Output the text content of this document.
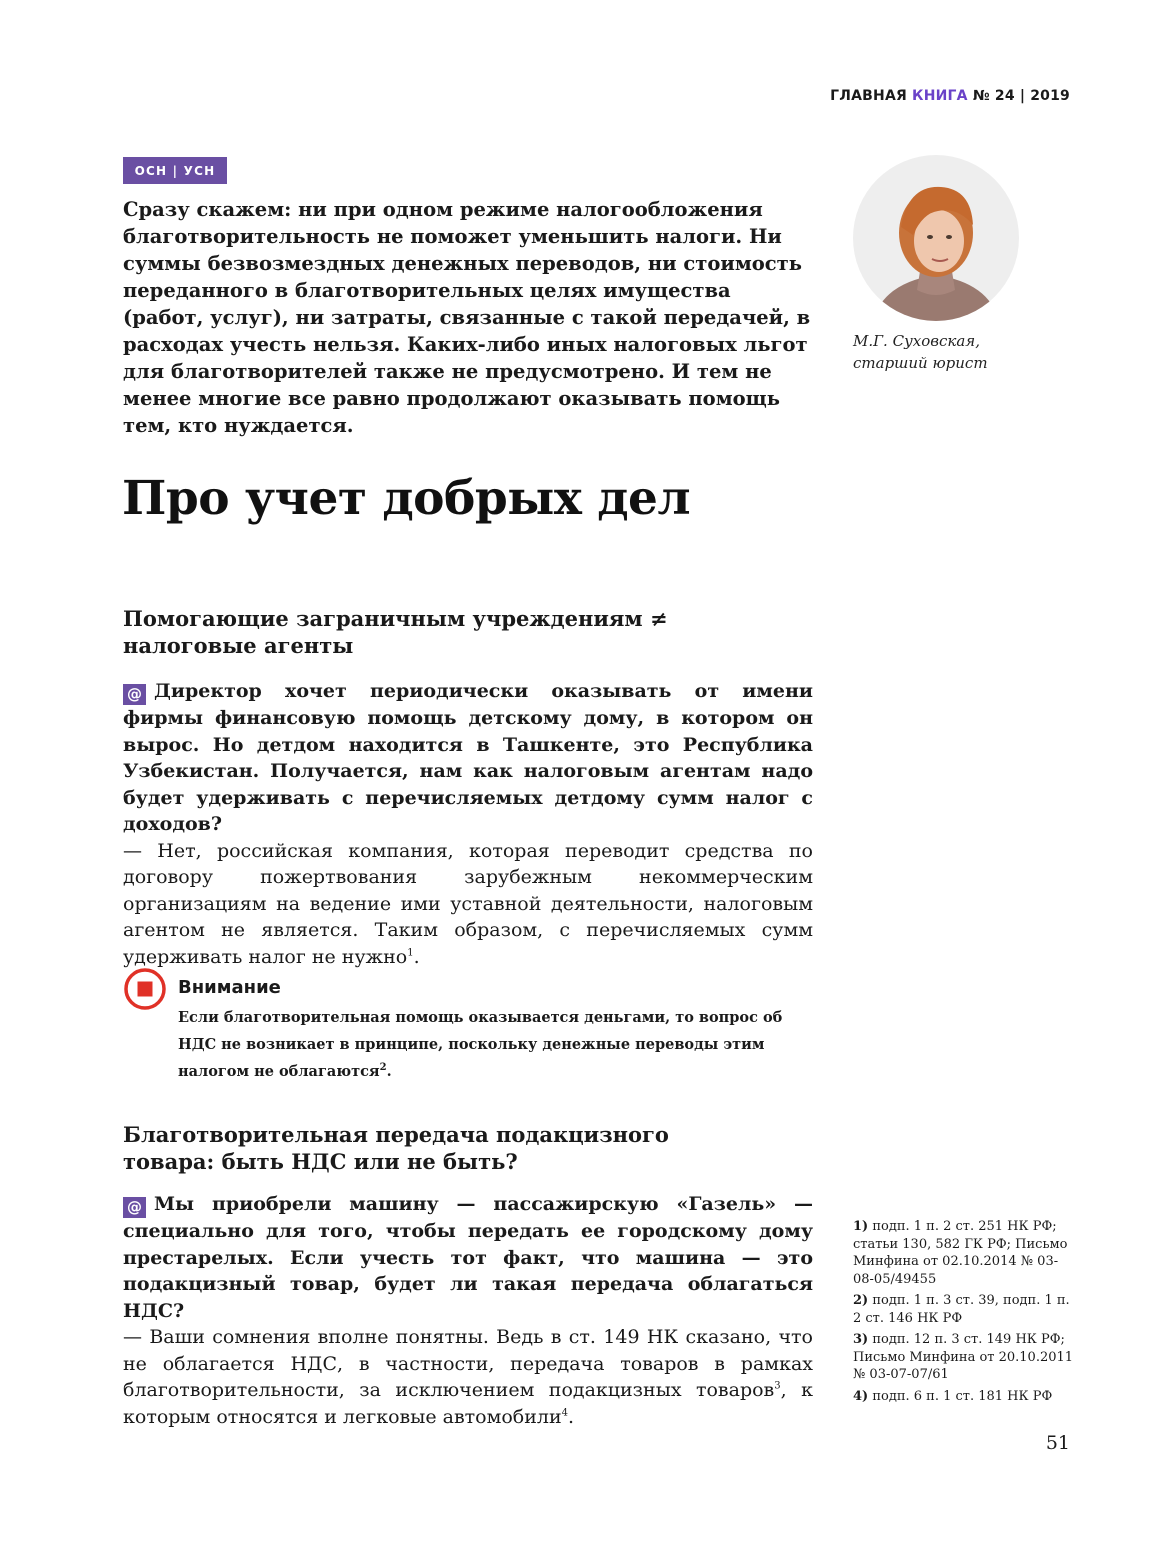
ГЛАВНАЯ КНИГА № 24 | 2019
ОСН | УСН

Сразу скажем: ни при одном режиме налогообложения благотворительность не поможет уменьшить налоги. Ни суммы безвозмездных денежных переводов, ни стоимость переданного в благотворительных целях имущества (работ, услуг), ни затраты, связанные с такой передачей, в расходах учесть нельзя. Каких-либо иных налоговых льгот для благотворителей также не предусмотрено. И тем не менее многие все равно продолжают оказывать помощь тем, кто нуждается.

М.Г. Суховская,
старший юрист
Про учет добрых дел
Помогающие заграничным учреждениям ≠ налоговые агенты

@ Директор хочет периодически оказывать от имени фирмы финансовую помощь детскому дому, в котором он вырос. Но детдом находится в Ташкенте, это Республика Узбекистан. Получается, нам как налоговым агентам надо будет удерживать с перечисляемых детдому сумм налог с доходов?

— Нет, российская компания, которая переводит средства по договору пожертвования зарубежным некоммерческим организациям на ведение ими уставной деятельности, налоговым агентом не является. Таким образом, с перечисляемых сумм удерживать налог не нужно$^1$.

Внимание

Если благотворительная помощь оказывается деньгами, то вопрос об НДС не возникает в принципе, поскольку денежные переводы этим налогом не облагаются$^2$.

Благотворительная передача подакцизного товара: быть НДС или не быть?

@ Мы приобрели машину — пассажирскую «Газель» — специально для того, чтобы передать ее городскому дому престарелых. Если учесть тот факт, что машина — это подакцизный товар, будет ли такая передача облагаться НДС?

— Ваши сомнения вполне понятны. Ведь в ст. 149 НК сказано, что не облагается НДС, в частности, передача товаров в рамках благотворительности, за исключением подакцизных товаров$^3$, к которым относятся и легковые автомобили$^4$.

1) подп. 1 п. 2 ст. 251 НК РФ; статьи 130, 582 ГК РФ; Письмо Минфина от 02.10.2014 № 03-08-05/49455

2) подп. 1 п. 3 ст. 39, подп. 1 п. 2 ст. 146 НК РФ

3) подп. 12 п. 3 ст. 149 НК РФ; Письмо Минфина от 20.10.2011 № 03-07-07/61

4) подп. 6 п. 1 ст. 181 НК РФ

51
